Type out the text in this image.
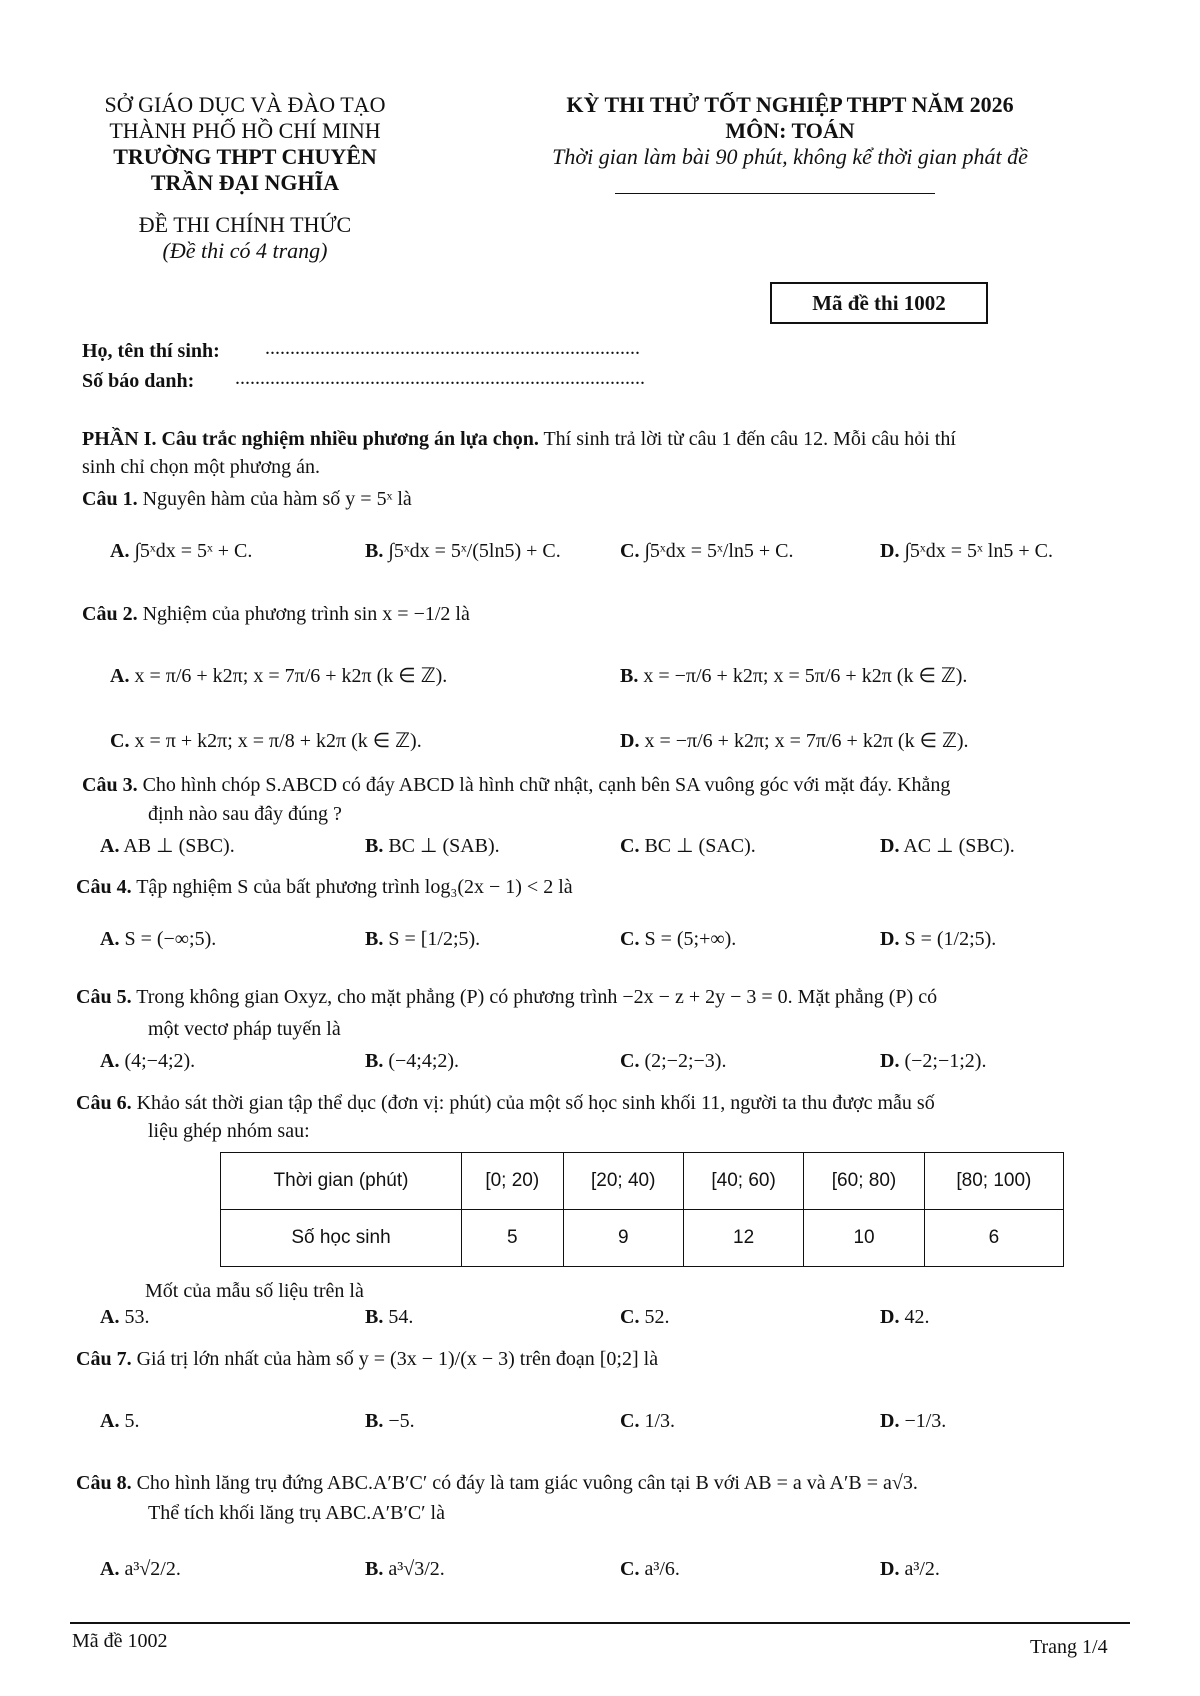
SỞ GIÁO DỤC VÀ ĐÀO TẠO
THÀNH PHỐ HỒ CHÍ MINH
TRƯỜNG THPT CHUYÊN
TRẦN ĐẠI NGHĨA
ĐỀ THI CHÍNH THỨC
(Đề thi có 4 trang)
KỲ THI THỬ TỐT NGHIỆP THPT NĂM 2026
MÔN: TOÁN
Thời gian làm bài 90 phút, không kể thời gian phát đề
Mã đề thi 1002
Họ, tên thí sinh: ...........................................................................
Số báo danh: ..................................................................................
PHẦN I. Câu trắc nghiệm nhiều phương án lựa chọn. Thí sinh trả lời từ câu 1 đến câu 12. Mỗi câu hỏi thí
sinh chỉ chọn một phương án.
Câu 1. Nguyên hàm của hàm số y = 5ˣ là
A. ∫5ˣdx = 5ˣ + C.	B. ∫5ˣdx = 5ˣ/(5ln5) + C.	C. ∫5ˣdx = 5ˣ/ln5 + C.	D. ∫5ˣdx = 5ˣ ln5 + C.
Câu 2. Nghiệm của phương trình sin x = −1/2 là
A. x = π/6 + k2π; x = 7π/6 + k2π (k ∈ ℤ).	B. x = −π/6 + k2π; x = 5π/6 + k2π (k ∈ ℤ).
C. x = π + k2π; x = π/8 + k2π (k ∈ ℤ).	D. x = −π/6 + k2π; x = 7π/6 + k2π (k ∈ ℤ).
Câu 3. Cho hình chóp S.ABCD có đáy ABCD là hình chữ nhật, cạnh bên SA vuông góc với mặt đáy. Khẳng
định nào sau đây đúng ?
A. AB ⊥ (SBC).	B. BC ⊥ (SAB).	C. BC ⊥ (SAC).	D. AC ⊥ (SBC).
Câu 4. Tập nghiệm S của bất phương trình log₃(2x − 1) < 2 là
A. S = (−∞;5).	B. S = [1/2;5).	C. S = (5;+∞).	D. S = (1/2;5).
Câu 5. Trong không gian Oxyz, cho mặt phẳng (P) có phương trình −2x − z + 2y − 3 = 0. Mặt phẳng (P) có
một vectơ pháp tuyến là
A. (4;−4;2).	B. (−4;4;2).	C. (2;−2;−3).	D. (−2;−1;2).
Câu 6. Khảo sát thời gian tập thể dục (đơn vị: phút) của một số học sinh khối 11, người ta thu được mẫu số
liệu ghép nhóm sau:
Thời gian (phút)	[0; 20)	[20; 40)	[40; 60)	[60; 80)	[80; 100)
Số học sinh	5	9	12	10	6
Mốt của mẫu số liệu trên là
A. 53.	B. 54.	C. 52.	D. 42.
Câu 7. Giá trị lớn nhất của hàm số y = (3x − 1)/(x − 3) trên đoạn [0;2] là
A. 5.	B. −5.	C. 1/3.	D. −1/3.
Câu 8. Cho hình lăng trụ đứng ABC.A′B′C′ có đáy là tam giác vuông cân tại B với AB = a và A′B = a√3.
Thể tích khối lăng trụ ABC.A′B′C′ là
A. a³√2/2.	B. a³√3/2.	C. a³/6.	D. a³/2.
Mã đề 1002	Trang 1/4
